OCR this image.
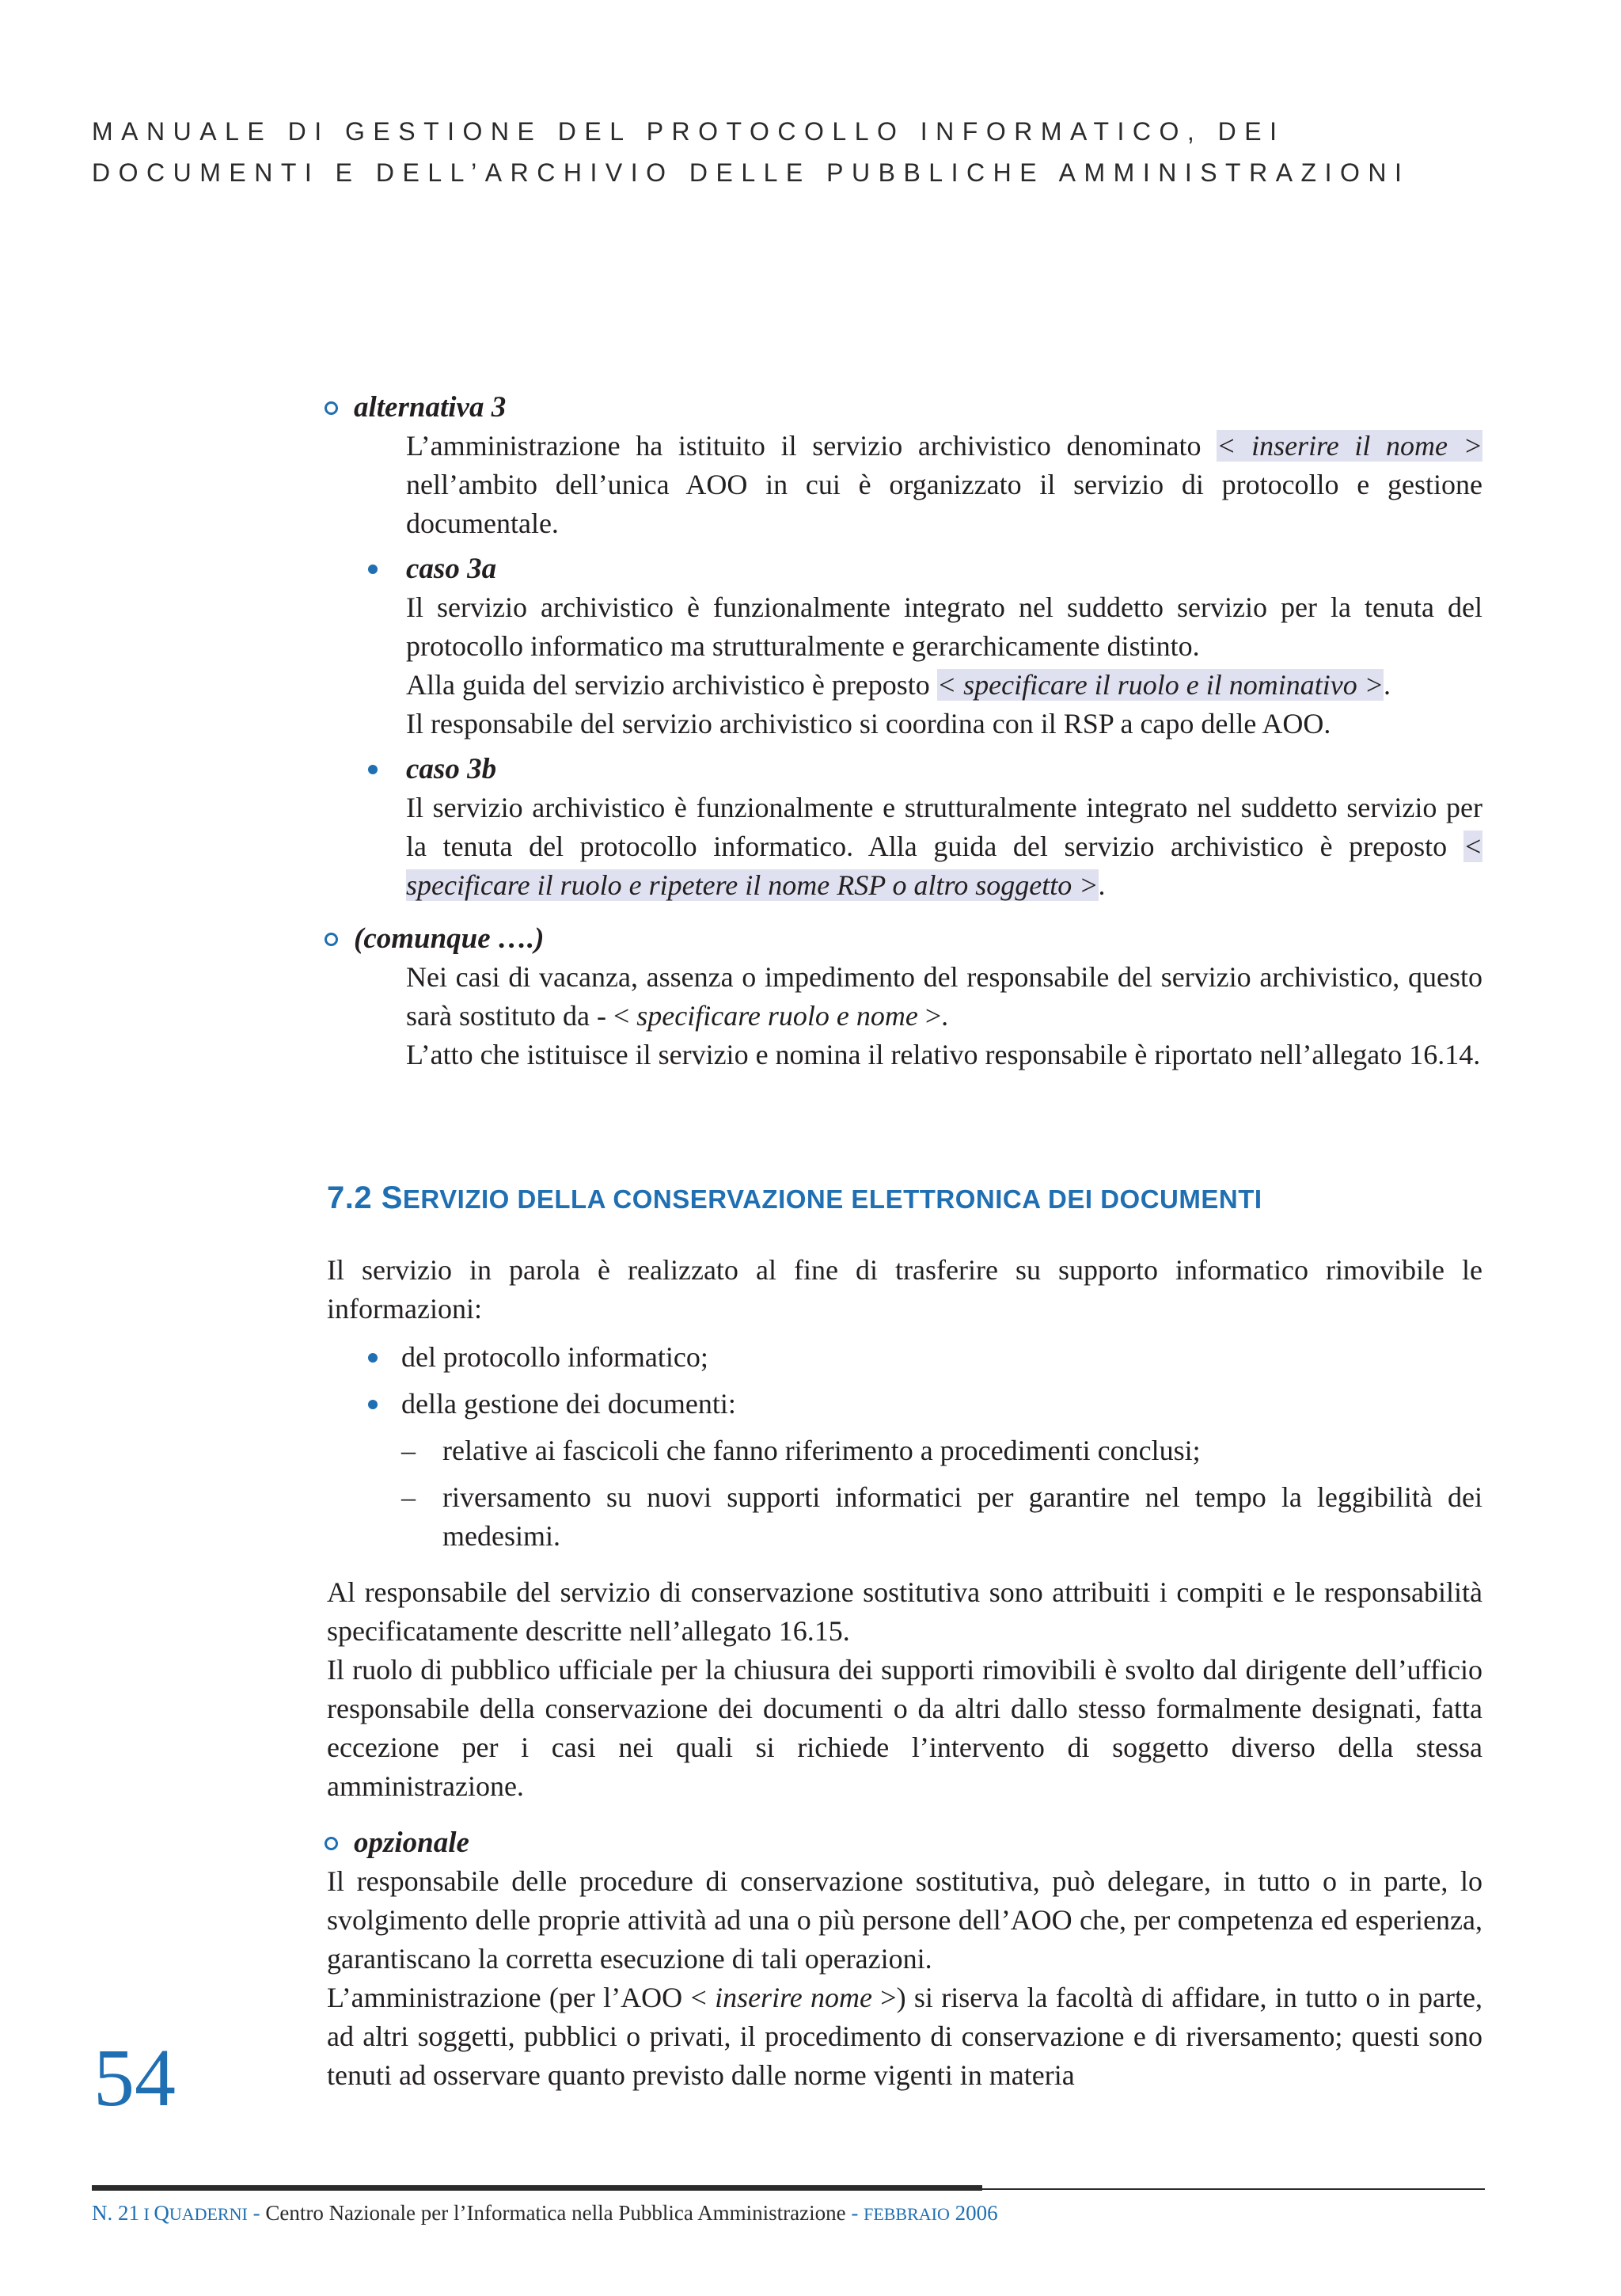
MANUALE DI GESTIONE DEL PROTOCOLLO INFORMATICO, DEI
DOCUMENTI E DELL’ARCHIVIO DELLE PUBBLICHE AMMINISTRAZIONI
alternativa 3

L’amministrazione ha istituito il servizio archivistico denominato < inserire il nome > nell’ambito dell’unica AOO in cui è organizzato il servizio di protocollo e gestione documentale.

caso 3a

Il servizio archivistico è funzionalmente integrato nel suddetto servizio per la tenuta del protocollo informatico ma strutturalmente e gerarchicamente distinto.

Alla guida del servizio archivistico è preposto < specificare il ruolo e il nominativo >.

Il responsabile del servizio archivistico si coordina con il RSP a capo delle AOO.

caso 3b

Il servizio archivistico è funzionalmente e strutturalmente integrato nel suddetto servizio per la tenuta del protocollo informatico. Alla guida del servizio archivistico è preposto < specificare il ruolo e ripetere il nome RSP o altro soggetto >.

(comunque ….)

Nei casi di vacanza, assenza o impedimento del responsabile del servizio archivistico, questo sarà sostituto da - < specificare ruolo e nome >.

L’atto che istituisce il servizio e nomina il relativo responsabile è riportato nell’allegato 16.14.

7.2 SERVIZIO DELLA CONSERVAZIONE ELETTRONICA DEI DOCUMENTI

Il servizio in parola è realizzato al fine di trasferire su supporto informatico rimovibile le informazioni:

del protocollo informatico;
della gestione dei documenti:
– relative ai fascicoli che fanno riferimento a procedimenti conclusi;
– riversamento su nuovi supporti informatici per garantire nel tempo la leggibilità dei medesimi.

Al responsabile del servizio di conservazione sostitutiva sono attribuiti i compiti e le responsabilità specificatamente descritte nell’allegato 16.15.

Il ruolo di pubblico ufficiale per la chiusura dei supporti rimovibili è svolto dal dirigente dell’ufficio responsabile della conservazione dei documenti o da altri dallo stesso formalmente designati, fatta eccezione per i casi nei quali si richiede l’intervento di soggetto diverso della stessa amministrazione.

opzionale

Il responsabile delle procedure di conservazione sostitutiva, può delegare, in tutto o in parte, lo svolgimento delle proprie attività ad una o più persone dell’AOO che, per competenza ed esperienza, garantiscano la corretta esecuzione di tali operazioni.

L’amministrazione (per l’AOO < inserire nome >) si riserva la facoltà di affidare, in tutto o in parte, ad altri soggetti, pubblici o privati, il procedimento di conservazione e di riversamento; questi sono tenuti ad osservare quanto previsto dalle norme vigenti in materia

54
N. 21 I QUADERNI - Centro Nazionale per l’Informatica nella Pubblica Amministrazione - FEBBRAIO 2006
